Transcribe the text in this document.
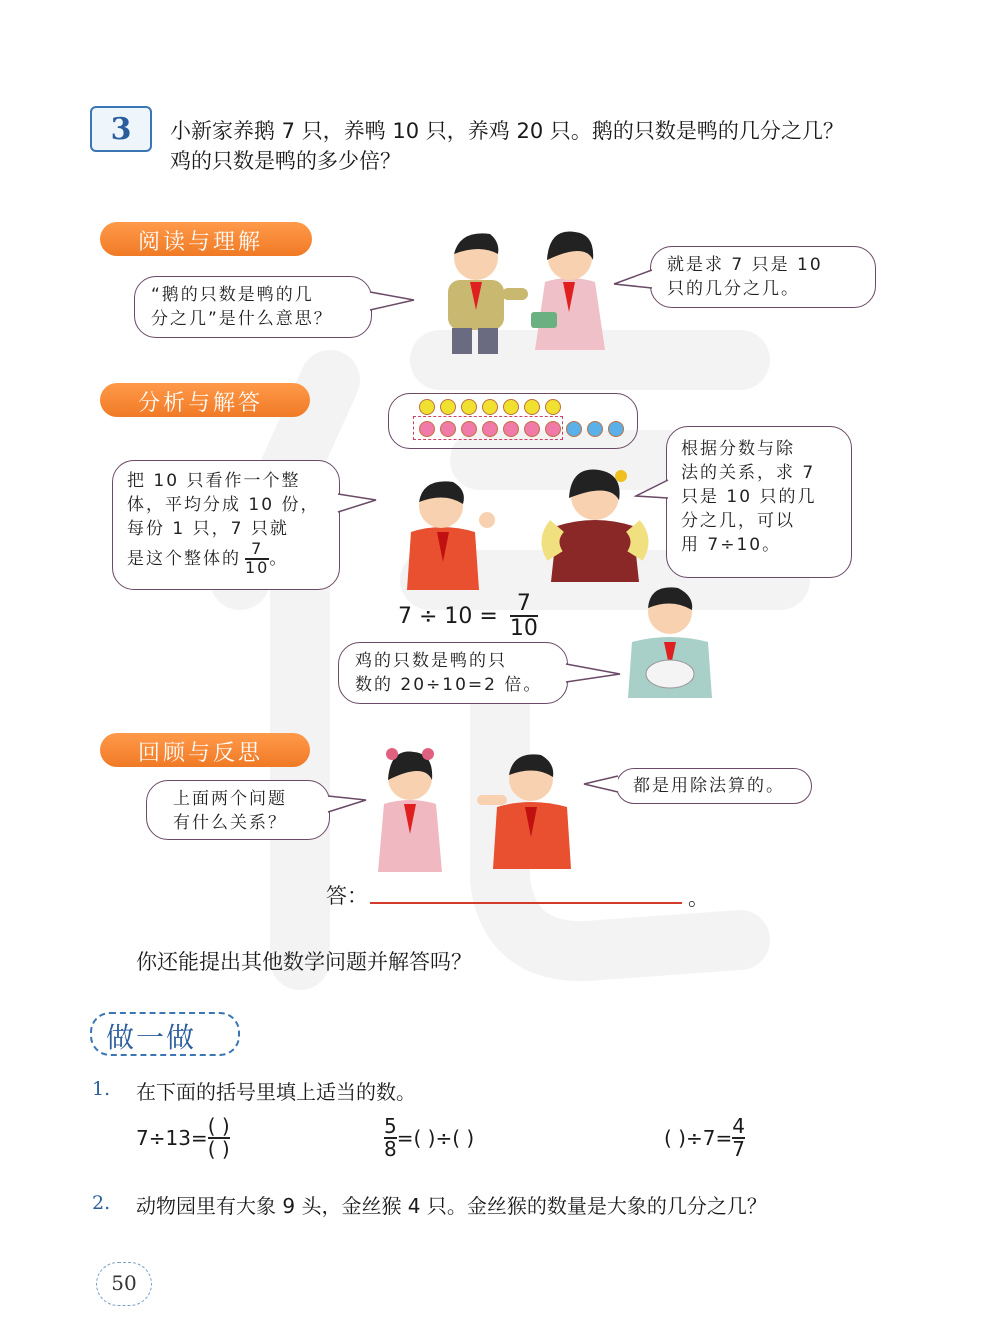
3 小新家养鹅 7 只，养鸭 10 只，养鸡 20 只。鹅的只数是鸭的几分之几？
鸡的只数是鸭的多少倍？
阅读与理解
“鹅的只数是鸭的几
分之几”是什么意思？
就是求 7 只是 10
只的几分之几。
分析与解答
把 10 只看作一个整
体，平均分成 10 份，
每份 1 只，7 只就
是这个整体的 $\frac{7}{10}$ 。
根据分数与除
法的关系，求 7
只是 10 只的几
分之几，可以
用 7÷10。
$7 \div 10 = \frac{7}{10}$
鸡的只数是鸭的只
数的 20÷10=2 倍。
回顾与反思
上面两个问题
有什么关系？
都是用除法算的。
答：	。
你还能提出其他数学问题并解答吗？
做一做
1. 在下面的括号里填上适当的数。
$7\div 13= \frac{( )}{( )}$	$\frac{5}{8}$ =( )÷( )	( )$\div 7= \frac{4}{7}$
2. 动物园里有大象 9 头，金丝猴 4 只。金丝猴的数量是大象的几分之几？
50
